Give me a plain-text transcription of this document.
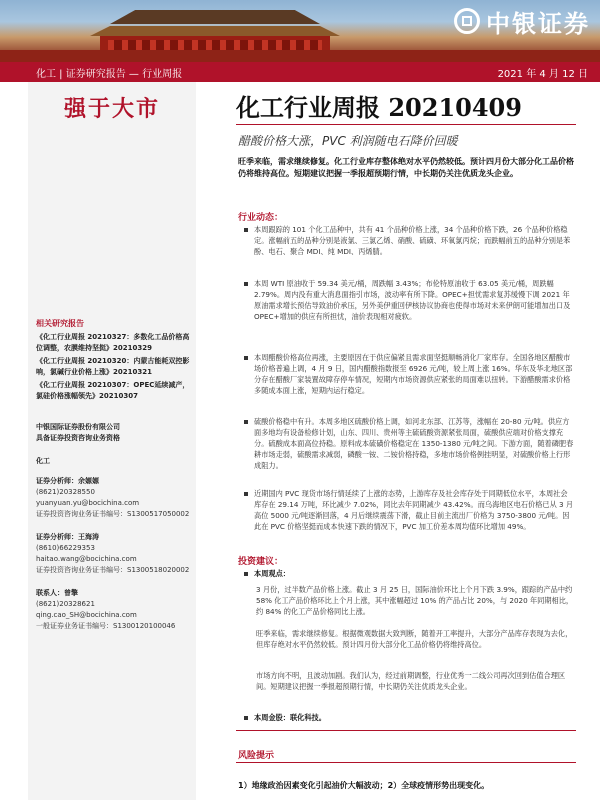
中银证券
化工 | 证券研究报告 — 行业周报	2021 年 4 月 12 日
强于大市
相关研究报告
《化工行业周报 20210327：多数化工品价格高位调整，农膜维持坚挺》20210329
《化工行业周报 20210320：内蒙古能耗双控影响，氯碱行业价格上涨》20210321
《化工行业周报 20210307：OPEC延续减产，氯硅价格涨幅领先》20210307
中银国际证券股份有限公司
具备证券投资咨询业务资格
化工
证券分析师：余嫄嫄
(8621)20328550
yuanyuan.yu@bocichina.com
证券投资咨询业务证书编号：S1300517050002
证券分析师：王海涛
(8610)66229353
haitao.wang@bocichina.com
证券投资咨询业务证书编号：S1300518020002
联系人：曾擎
(8621)20328621
qing.cao_SH@bocichina.com
一般证券业务证书编号：S1300120100046
化工行业周报 20210409
醋酸价格大涨，PVC 利润随电石降价回暖
旺季来临，需求继续修复。化工行业库存整体绝对水平仍然较低。预计四月份大部分化工品价格仍将维持高位。短期建议把握一季报超预期行情，中长期仍关注优质龙头企业。
行业动态：
本周跟踪的 101 个化工品种中，共有 41 个品种价格上涨，34 个品种价格下跌，26 个品种价格稳定。涨幅前五的品种分别是液氯、三氯乙烯、硝酸、硫磺、环氧氯丙烷；而跌幅前五的品种分别是苯酚、电石、聚合 MDI、纯 MDI、丙烯腈。
本周 WTI 原油收于 59.34 美元/桶，周跌幅 3.43%；布伦特原油收于 63.05 美元/桶，周跌幅 2.79%。周内没有重大消息面指引市场，波动率有所下降。OPEC+担忧需求复苏缓慢下调 2021 年原油需求增长预估导致油价承压，另外美伊重回伊核协议协商也使得市场对未来伊朗可能增加出口及 OPEC+增加的供应有所担忧，油价表现相对疲软。
本周醋酸价格高位再涨，主要原因在于供应偏紧且需求面坚挺顺畅消化厂家库存。全国各地区醋酸市场价格普遍上调，4 月 9 日，国内醋酸指数报至 6926 元/吨，较上周上涨 16%。华东及华北地区部分存在醋酸厂家装置故障存停车情况，短期内市场资源供应紧张的局面难以扭转。下游醋酸需求价格多随成本面上涨，短期内运行稳定。
硫酸价格稳中有升。本周多地区硫酸价格上调，如河北东部、江苏等，涨幅在 20-80 元/吨。供应方面多地均有设备检修计划，山东、四川、贵州等主硫硫酸资源紧张局面，硫酸供应端对价格支撑充分。硫酸成本面高位持稳。原料成本硫磺价格稳定在 1350-1380 元/吨之间。下游方面，随着磷肥春耕市场走弱，硫酸需求减弱，磷酸一铵、二铵价格持稳，多地市场价格例挂明显，对硫酸价格上行形成阻力。
近期国内 PVC 现货市场行情延续了上涨的态势，上游库存及社会库存处于同期低位水平，本周社会库存在 29.14 万吨，环比减少 7.02%，同比去年同期减少 43.42%。而乌海地区电石价格已从 3 月高位 5000 元/吨逐渐回落，4 月后继续震荡下滑，截止目前主流出厂价格为 3750-3800 元/吨。因此在 PVC 价格坚挺而成本快速下跌的情况下，PVC 加工价差本周均值环比增加 49%。
投资建议：
本周观点：
3 月份，过半数产品价格上涨。截止 3 月 25 日，国际油价环比上个月下跌 3.9%，跟踪的产品中约 58% 化工产品价格环比上个月上涨，其中涨幅超过 10% 的产品占比 20%，与 2020 年同期相比，约 84% 的化工产品价格同比上涨。
旺季来临，需求继续修复。根据微观数据大致判断，随着开工率提升，大部分产品库存表现为去化，但库存绝对水平仍然较低。预计四月份大部分化工品价格仍将维持高位。
市场方向不明，且波动加剧。我们认为，经过前期调整，行业优秀一二线公司再次回到估值合理区间。短期建议把握一季报超预期行情，中长期仍关注优质龙头企业。
本周金股：联化科技。
风险提示
1）地缘政治因素变化引起油价大幅波动；2）全球疫情形势出现变化。
